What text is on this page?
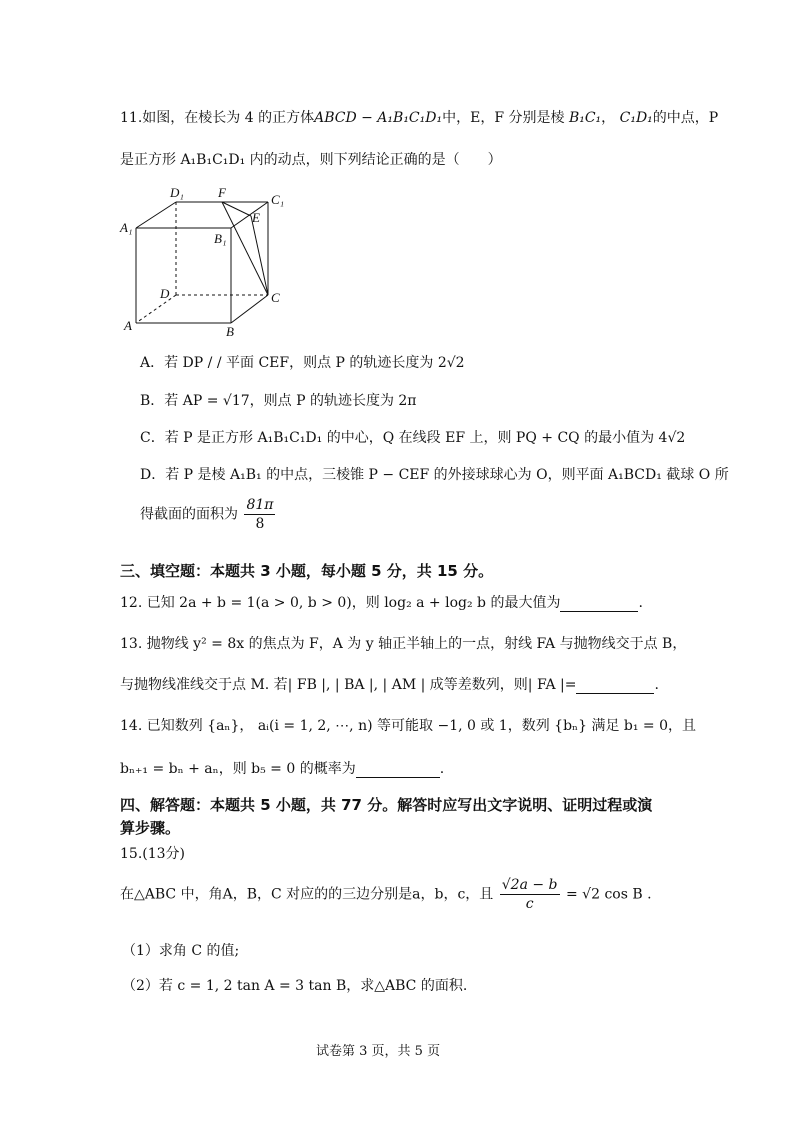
11.如图，在棱长为 4 的正方体ABCD − A₁B₁C₁D₁中，E，F 分别是棱 B₁C₁， C₁D₁的中点，P
是正方形 A₁B₁C₁D₁ 内的动点，则下列结论正确的是（　　）
D₁	F	C₁
E
A₁
B₁
D	C
A	B
A．若 DP / / 平面 CEF，则点 P 的轨迹长度为 2√2
B．若 AP = √17，则点 P 的轨迹长度为 2π
C．若 P 是正方形 A₁B₁C₁D₁ 的中心，Q 在线段 EF 上，则 PQ + CQ 的最小值为 4√2
D．若 P 是棱 A₁B₁ 的中点，三棱锥 P − CEF 的外接球球心为 O，则平面 A₁BCD₁ 截球 O 所
得截面的面积为 $\frac{81\pi}{8}$
三、填空题：本题共 3 小题，每小题 5 分，共 15 分。
12. 已知 2a + b = 1(a > 0, b > 0)，则 log₂ a + log₂ b 的最大值为	.
13. 抛物线 y² = 8x 的焦点为 F，A 为 y 轴正半轴上的一点，射线 FA 与抛物线交于点 B，
与抛物线准线交于点 M. 若| FB |, | BA |, | AM | 成等差数列，则| FA |=	.
14. 已知数列 {aₙ}， aᵢ(i = 1, 2, ⋯, n) 等可能取 −1, 0 或 1，数列 {bₙ} 满足 b₁ = 0，且
bₙ₊₁ = bₙ + aₙ，则 b₅ = 0 的概率为	.
四、解答题：本题共 5 小题，共 77 分。解答时应写出文字说明、证明过程或演
算步骤。
15.(13分)
在△ABC 中，角A，B，C 对应的的三边分别是a，b，c，且 $\frac{√2a - b}{c} = √2$ cos B .
（1）求角 C 的值;
（2）若 c = 1, 2 tan A = 3 tan B，求△ABC 的面积.
试卷第 3 页，共 5 页
